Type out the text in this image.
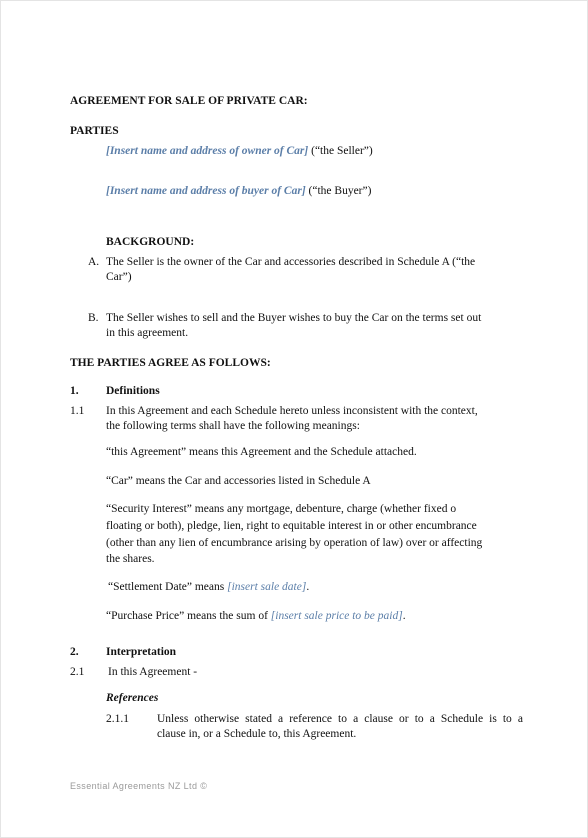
AGREEMENT FOR SALE OF PRIVATE CAR:
PARTIES
[Insert name and address of owner of Car] (“the Seller”)
[Insert name and address of buyer of Car] (“the Buyer”)
BACKGROUND:
A. The Seller is the owner of the Car and accessories described in Schedule A (“the
Car”)
B. The Seller wishes to sell and the Buyer wishes to buy the Car on the terms set out
in this agreement.
THE PARTIES AGREE AS FOLLOWS:
1. Definitions
1.1 In this Agreement and each Schedule hereto unless inconsistent with the context,
the following terms shall have the following meanings:
“this Agreement” means this Agreement and the Schedule attached.
“Car” means the Car and accessories listed in Schedule A
“Security Interest” means any mortgage, debenture, charge (whether fixed o
floating or both), pledge, lien, right to equitable interest in or other encumbrance
(other than any lien of encumbrance arising by operation of law) over or affecting
the shares.
“Settlement Date” means [insert sale date].
“Purchase Price” means the sum of [insert sale price to be paid].
2. Interpretation
2.1 In this Agreement -
References
2.1.1 Unless otherwise stated a reference to a clause or to a Schedule is to a
clause in, or a Schedule to, this Agreement.
Essential Agreements NZ Ltd ©
